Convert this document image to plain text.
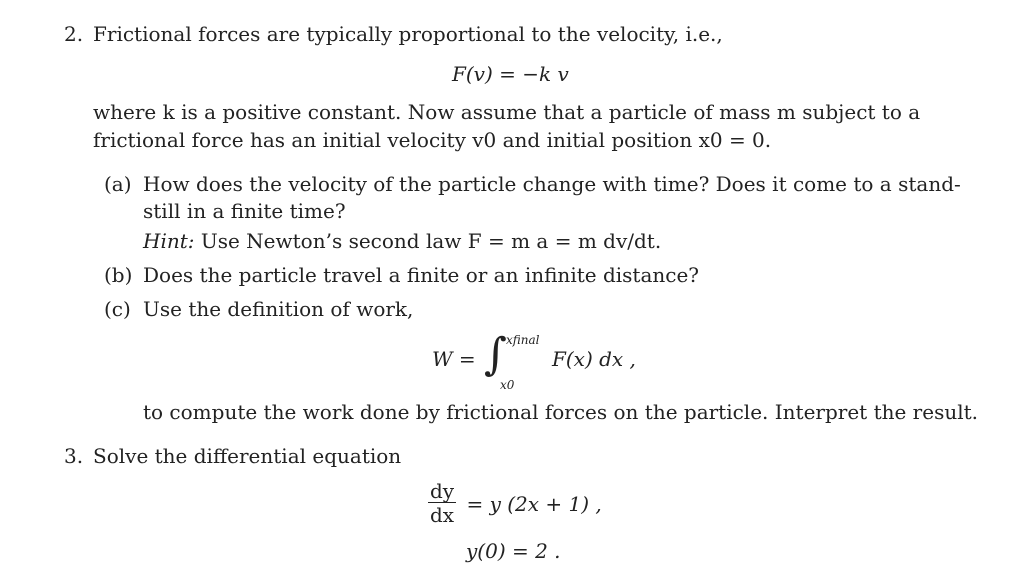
2. Frictional forces are typically proportional to the velocity, i.e.,
F(v) = −k v
where k is a positive constant. Now assume that a particle of mass m subject to a
frictional force has an initial velocity v0 and initial position x0 = 0.
(a) How does the velocity of the particle change with time? Does it come to a stand-
still in a finite time?
Hint: Use Newton’s second law F = m a = m dv/dt.
(b) Does the particle travel a finite or an infinite distance?
(c) Use the definition of work,
W = ∫ xfinal
x0
F(x) dx ,
to compute the work done by frictional forces on the particle. Interpret the result.
3. Solve the differential equation
$\frac{dy}{dx} = y$ (2x + 1) ,
y(0) = 2 .
